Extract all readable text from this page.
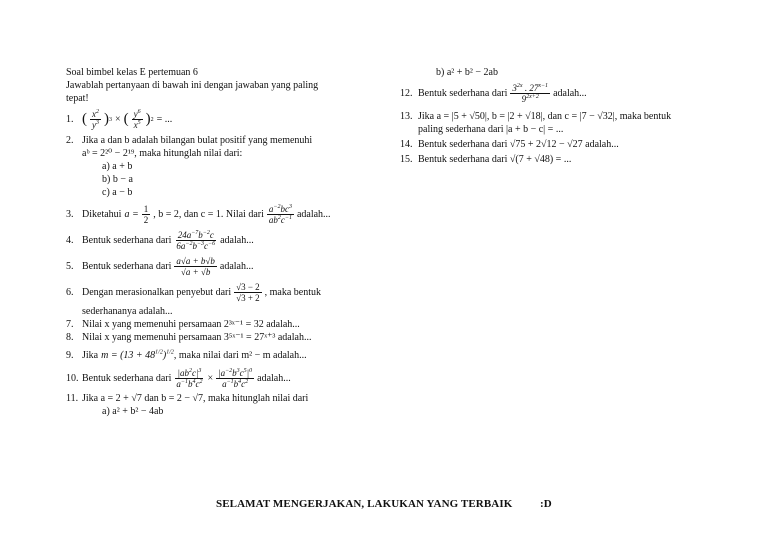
Soal bimbel kelas E pertemuan 6
Jawablah pertanyaan di bawah ini dengan jawaban yang paling
tepat!
1. ( $\frac{x^2}{y^3}$ ) 3 × ( $\frac{y^6}{x^5}$ ) 2 = ...
2. Jika a dan b adalah bilangan bulat positif yang memenuhi
aᵇ = 2²⁰ − 2¹⁹, maka hitunglah nilai dari:
a) a + b
b) b − a
c) a − b
3. Diketahui $a = \frac{1}{2}$ , b = 2, dan c = 1. Nilai dari $\frac{a^{-2}bc^3}{ab^2c^{-1}}$ adalah...
4. Bentuk sederhana dari $\frac{24a^{-7}b^{-2}c}{6a^{-2}b^{-3}c^{-6}}$ adalah...
5. Bentuk sederhana dari $\frac{a√a + b√b}{√a + √b}$ adalah...
6. Dengan merasionalkan penyebut dari $\frac{√3 - 2}{√3 + 2}$ , maka bentuk
sederhananya adalah...
7. Nilai x yang memenuhi persamaan 2³ˣ⁻¹ = 32 adalah...
8. Nilai x yang memenuhi persamaan 3⁵ˣ⁻¹ = 27ˣ⁺³ adalah...
9. Jika $m = (13 + 48^{1/2})^{1/2}$ , maka nilai dari m² − m adalah...
10. Bentuk sederhana dari $\frac{|ab^2c|^3}{a^{-1}b^4c^2} \times \frac{|a^{-2}b^3c^5|^0}{a^{-1}b^4c^2}$ adalah...
11. Jika a = 2 + √7 dan b = 2 − √7, maka hitunglah nilai dari
a) a² + b² − 4ab
b) a² + b² − 2ab
12. Bentuk sederhana dari $\frac{3^{2x} . 27^{x-1}}{9^{2x+2}}$ adalah...
13. Jika a = |5 + √50|, b = |2 + √18|, dan c = |7 − √32|, maka bentuk
paling sederhana dari |a + b − c| = ...
14. Bentuk sederhana dari √75 + 2√12 − √27 adalah...
15. Bentuk sederhana dari √(7 + √48) = ...
SELAMAT MENGERJAKAN, LAKUKAN YANG TERBAIK	:D
